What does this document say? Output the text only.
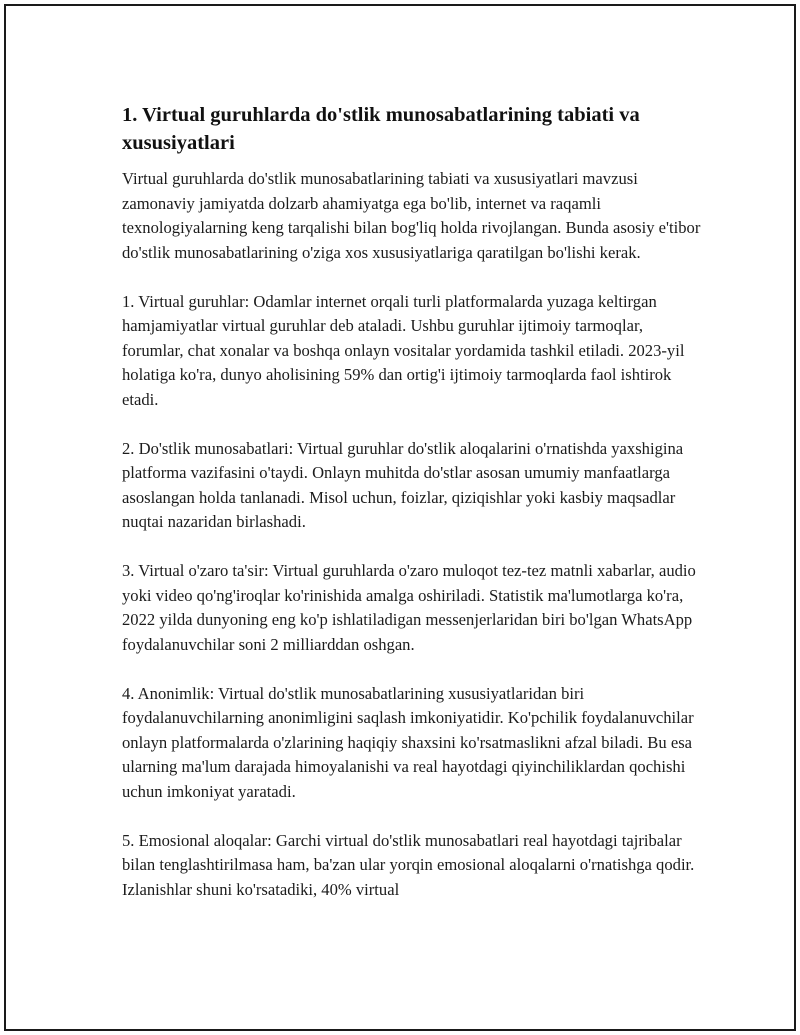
1. Virtual guruhlarda do'stlik munosabatlarining tabiati va xususiyatlari

Virtual guruhlarda do'stlik munosabatlarining tabiati va xususiyatlari mavzusi zamonaviy jamiyatda dolzarb ahamiyatga ega bo'lib, internet va raqamli texnologiyalarning keng tarqalishi bilan bog'liq holda rivojlangan. Bunda asosiy e'tibor do'stlik munosabatlarining o'ziga xos xususiyatlariga qaratilgan bo'lishi kerak.

1. Virtual guruhlar: Odamlar internet orqali turli platformalarda yuzaga keltirgan hamjamiyatlar virtual guruhlar deb ataladi. Ushbu guruhlar ijtimoiy tarmoqlar, forumlar, chat xonalar va boshqa onlayn vositalar yordamida tashkil etiladi. 2023-yil holatiga ko'ra, dunyo aholisining 59% dan ortig'i ijtimoiy tarmoqlarda faol ishtirok etadi.

2. Do'stlik munosabatlari: Virtual guruhlar do'stlik aloqalarini o'rnatishda yaxshigina platforma vazifasini o'taydi. Onlayn muhitda do'stlar asosan umumiy manfaatlarga asoslangan holda tanlanadi. Misol uchun, foizlar, qiziqishlar yoki kasbiy maqsadlar nuqtai nazaridan birlashadi.

3. Virtual o'zaro ta'sir: Virtual guruhlarda o'zaro muloqot tez-tez matnli xabarlar, audio yoki video qo'ng'iroqlar ko'rinishida amalga oshiriladi. Statistik ma'lumotlarga ko'ra, 2022 yilda dunyoning eng ko'p ishlatiladigan messenjerlaridan biri bo'lgan WhatsApp foydalanuvchilar soni 2 milliarddan oshgan.

4. Anonimlik: Virtual do'stlik munosabatlarining xususiyatlaridan biri foydalanuvchilarning anonimligini saqlash imkoniyatidir. Ko'pchilik foydalanuvchilar onlayn platformalarda o'zlarining haqiqiy shaxsini ko'rsatmaslikni afzal biladi. Bu esa ularning ma'lum darajada himoyalanishi va real hayotdagi qiyinchiliklardan qochishi uchun imkoniyat yaratadi.

5. Emosional aloqalar: Garchi virtual do'stlik munosabatlari real hayotdagi tajribalar bilan tenglashtirilmasa ham, ba'zan ular yorqin emosional aloqalarni o'rnatishga qodir. Izlanishlar shuni ko'rsatadiki, 40% virtual
